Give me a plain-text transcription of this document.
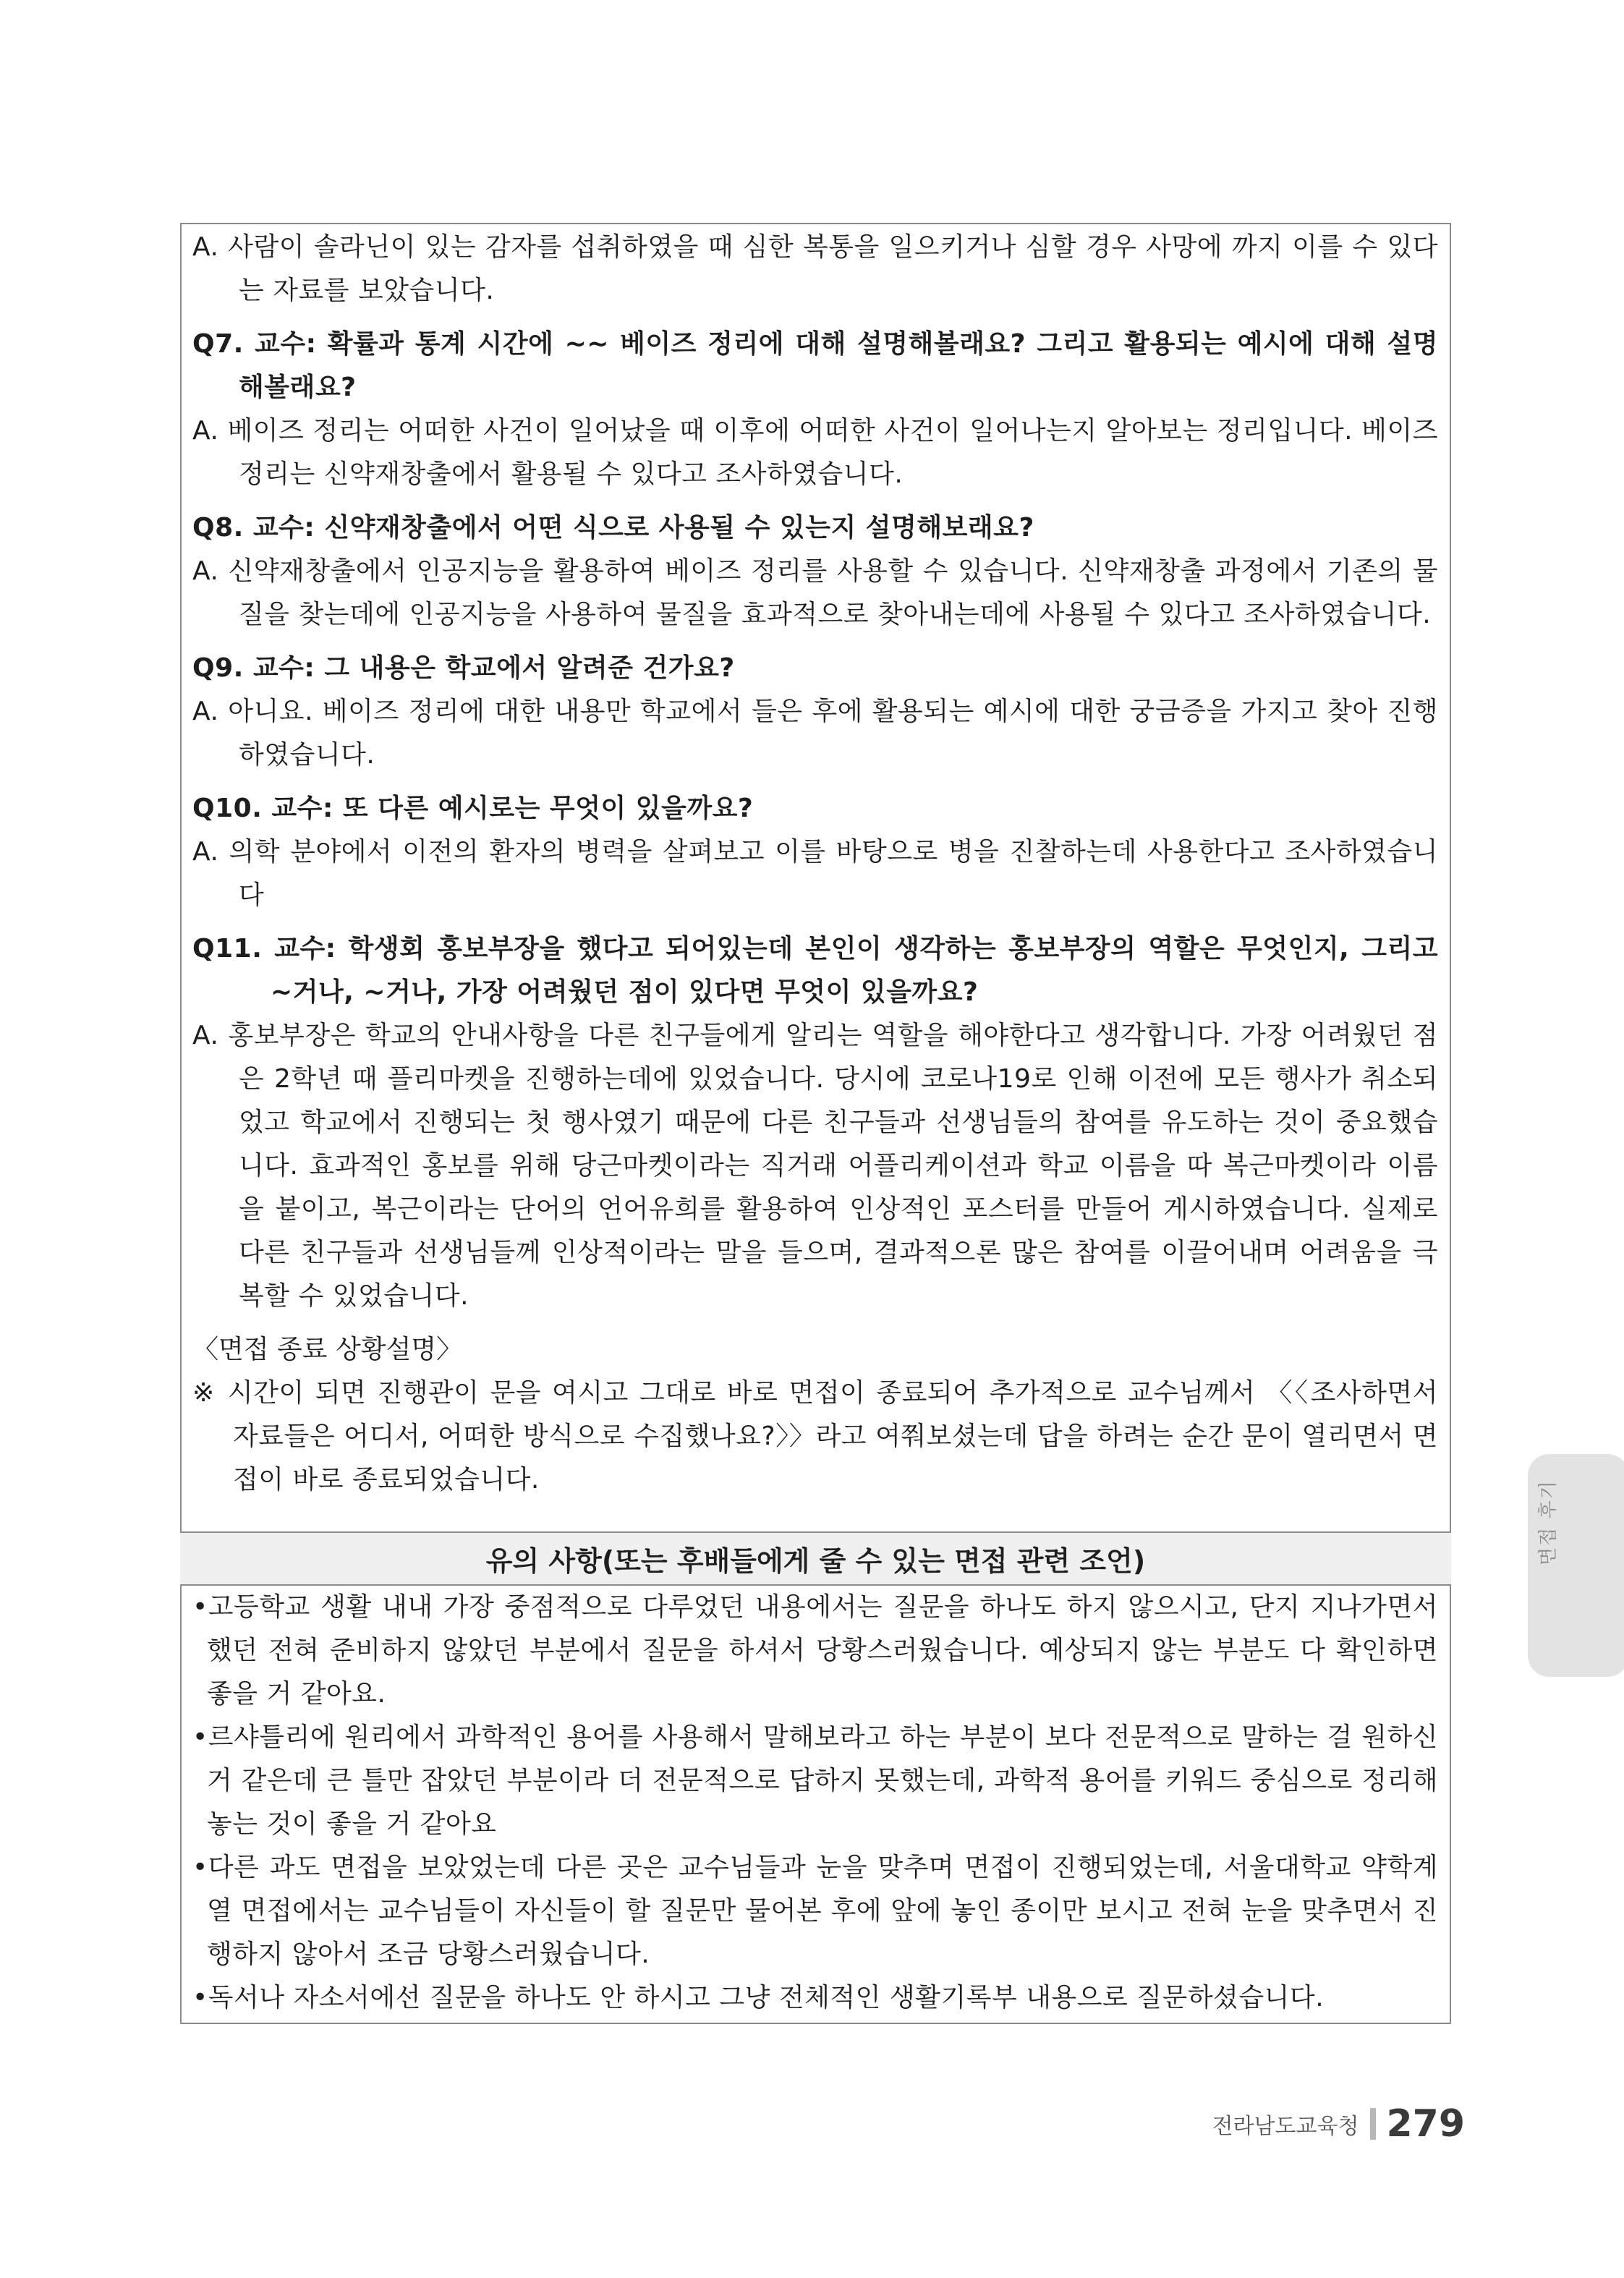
A. 사람이 솔라닌이 있는 감자를 섭취하였을 때 심한 복통을 일으키거나 심할 경우 사망에 까지 이를 수 있다는 자료를 보았습니다.

Q7. 교수: 확률과 통계 시간에 ~~ 베이즈 정리에 대해 설명해볼래요? 그리고 활용되는 예시에 대해 설명 해볼래요?

A. 베이즈 정리는 어떠한 사건이 일어났을 때 이후에 어떠한 사건이 일어나는지 알아보는 정리입니다. 베이즈 정리는 신약재창출에서 활용될 수 있다고 조사하였습니다.

Q8. 교수: 신약재창출에서 어떤 식으로 사용될 수 있는지 설명해보래요?

A. 신약재창출에서 인공지능을 활용하여 베이즈 정리를 사용할 수 있습니다. 신약재창출 과정에서 기존의 물질을 찾는데에 인공지능을 사용하여 물질을 효과적으로 찾아내는데에 사용될 수 있다고 조사하였습니다.

Q9. 교수: 그 내용은 학교에서 알려준 건가요?

A. 아니요. 베이즈 정리에 대한 내용만 학교에서 들은 후에 활용되는 예시에 대한 궁금증을 가지고 찾아 진행하였습니다.

Q10. 교수: 또 다른 예시로는 무엇이 있을까요?

A. 의학 분야에서 이전의 환자의 병력을 살펴보고 이를 바탕으로 병을 진찰하는데 사용한다고 조사하였습니다

Q11. 교수: 학생회 홍보부장을 했다고 되어있는데 본인이 생각하는 홍보부장의 역할은 무엇인지, 그리고 ~거나, ~거나, 가장 어려웠던 점이 있다면 무엇이 있을까요?

A. 홍보부장은 학교의 안내사항을 다른 친구들에게 알리는 역할을 해야한다고 생각합니다. 가장 어려웠던 점은 2학년 때 플리마켓을 진행하는데에 있었습니다. 당시에 코로나19로 인해 이전에 모든 행사가 취소되었고 학교에서 진행되는 첫 행사였기 때문에 다른 친구들과 선생님들의 참여를 유도하는 것이 중요했습니다. 효과적인 홍보를 위해 당근마켓이라는 직거래 어플리케이션과 학교 이름을 따 복근마켓이라 이름을 붙이고, 복근이라는 단어의 언어유희를 활용하여 인상적인 포스터를 만들어 게시하였습니다. 실제로 다른 친구들과 선생님들께 인상적이라는 말을 들으며, 결과적으론 많은 참여를 이끌어내며 어려움을 극복할 수 있었습니다.

〈면접 종료 상황설명〉

※ 시간이 되면 진행관이 문을 여시고 그대로 바로 면접이 종료되어 추가적으로 교수님께서 〈〈조사하면서 자료들은 어디서, 어떠한 방식으로 수집했나요?〉〉라고 여쭤보셨는데 답을 하려는 순간 문이 열리면서 면접이 바로 종료되었습니다.

유의 사항(또는 후배들에게 줄 수 있는 면접 관련 조언)

•고등학교 생활 내내 가장 중점적으로 다루었던 내용에서는 질문을 하나도 하지 않으시고, 단지 지나가면서 했던 전혀 준비하지 않았던 부분에서 질문을 하셔서 당황스러웠습니다. 예상되지 않는 부분도 다 확인하면 좋을 거 같아요.

•르샤틀리에 원리에서 과학적인 용어를 사용해서 말해보라고 하는 부분이 보다 전문적으로 말하는 걸 원하신 거 같은데 큰 틀만 잡았던 부분이라 더 전문적으로 답하지 못했는데, 과학적 용어를 키워드 중심으로 정리해놓는 것이 좋을 거 같아요

•다른 과도 면접을 보았었는데 다른 곳은 교수님들과 눈을 맞추며 면접이 진행되었는데, 서울대학교 약학계열 면접에서는 교수님들이 자신들이 할 질문만 물어본 후에 앞에 놓인 종이만 보시고 전혀 눈을 맞추면서 진행하지 않아서 조금 당황스러웠습니다.

•독서나 자소서에선 질문을 하나도 안 하시고 그냥 전체적인 생활기록부 내용으로 질문하셨습니다.

전라남도교육청 279
